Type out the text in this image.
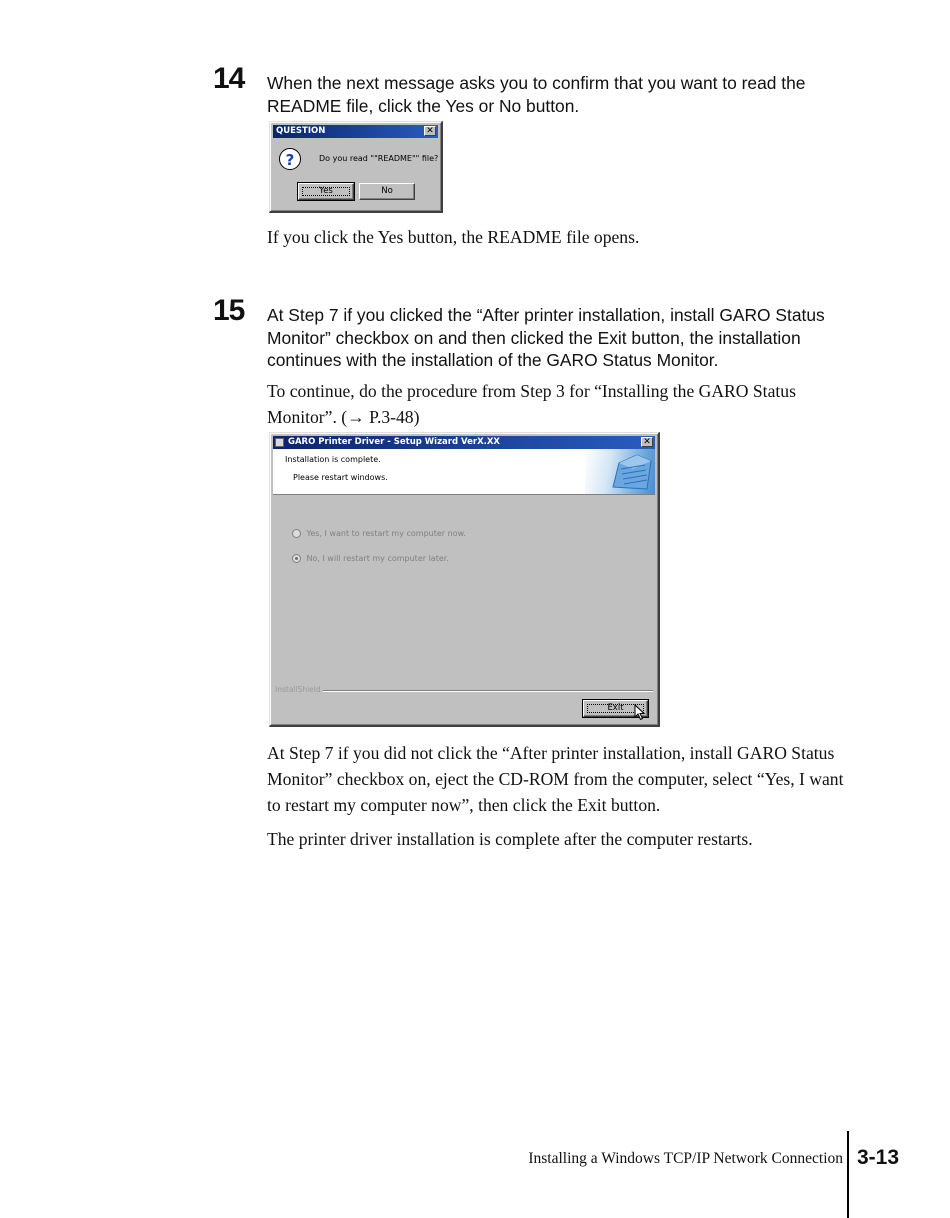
14 When the next message asks you to confirm that you want to read the README file, click the Yes or No button.
QUESTION	✕
?	Do you read ""README"" file?
Yes	No
If you click the Yes button, the README file opens.
15 At Step 7 if you clicked the “After printer installation, install GARO Status Monitor” checkbox on and then clicked the Exit button, the installation continues with the installation of the GARO Status Monitor.
To continue, do the procedure from Step 3 for “Installing the GARO Status Monitor”. (→ P.3-48)
GARO Printer Driver - Setup Wizard VerX.XX	✕
Installation is complete.
Please restart windows.
Yes, I want to restart my computer now.
No, I will restart my computer later.
InstallShield
Exit
At Step 7 if you did not click the “After printer installation, install GARO Status Monitor” checkbox on, eject the CD-ROM from the computer, select “Yes, I want to restart my computer now”, then click the Exit button.
The printer driver installation is complete after the computer restarts.
Installing a Windows TCP/IP Network Connection 3-13
